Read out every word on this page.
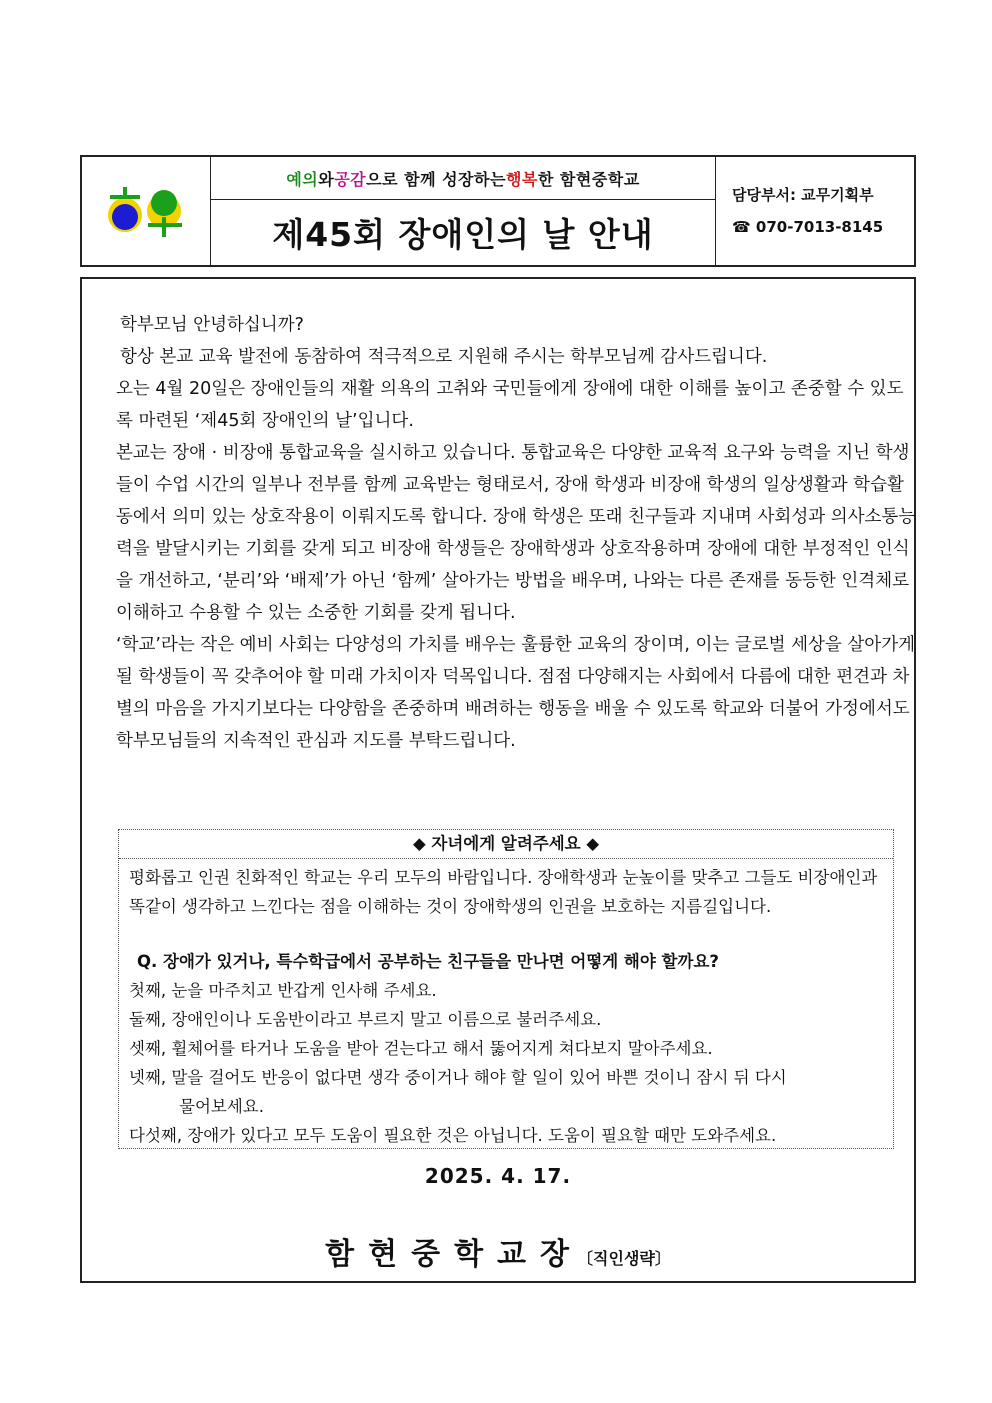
예의 와 공감 으로 함께 성장하는 행복 한 함현중학교
제45회 장애인의 날 안내
담당부서: 교무기획부
☎ 070-7013-8145

학부모님 안녕하십니까?

항상 본교 교육 발전에 동참하여 적극적으로 지원해 주시는 학부모님께 감사드립니다.

오는 4월 20일은 장애인들의 재활 의욕의 고취와 국민들에게 장애에 대한 이해를 높이고 존중할 수 있도록 마련된 ‘제45회 장애인의 날’입니다.

본교는 장애 · 비장애 통합교육을 실시하고 있습니다. 통합교육은 다양한 교육적 요구와 능력을 지닌 학생들이 수업 시간의 일부나 전부를 함께 교육받는 형태로서, 장애 학생과 비장애 학생의 일상생활과 학습활동에서 의미 있는 상호작용이 이뤄지도록 합니다. 장애 학생은 또래 친구들과 지내며 사회성과 의사소통능력을 발달시키는 기회를 갖게 되고 비장애 학생들은 장애학생과 상호작용하며 장애에 대한 부정적인 인식을 개선하고, ‘분리’와 ‘배제’가 아닌 ‘함께’ 살아가는 방법을 배우며, 나와는 다른 존재를 동등한 인격체로 이해하고 수용할 수 있는 소중한 기회를 갖게 됩니다.

‘학교’라는 작은 예비 사회는 다양성의 가치를 배우는 훌륭한 교육의 장이며, 이는 글로벌 세상을 살아가게 될 학생들이 꼭 갖추어야 할 미래 가치이자 덕목입니다. 점점 다양해지는 사회에서 다름에 대한 편견과 차별의 마음을 가지기보다는 다양함을 존중하며 배려하는 행동을 배울 수 있도록 학교와 더불어 가정에서도 학부모님들의 지속적인 관심과 지도를 부탁드립니다.

◆ 자녀에게 알려주세요 ◆

평화롭고 인권 친화적인 학교는 우리 모두의 바람입니다. 장애학생과 눈높이를 맞추고 그들도 비장애인과 똑같이 생각하고 느낀다는 점을 이해하는 것이 장애학생의 인권을 보호하는 지름길입니다.

Q. 장애가 있거나, 특수학급에서 공부하는 친구들을 만나면 어떻게 해야 할까요?

첫째, 눈을 마주치고 반갑게 인사해 주세요.

둘째, 장애인이나 도움반이라고 부르지 말고 이름으로 불러주세요.

셋째, 휠체어를 타거나 도움을 받아 걷는다고 해서 뚫어지게 쳐다보지 말아주세요.

넷째, 말을 걸어도 반응이 없다면 생각 중이거나 해야 할 일이 있어 바쁜 것이니 잠시 뒤 다시

물어보세요.

다섯째, 장애가 있다고 모두 도움이 필요한 것은 아닙니다. 도움이 필요할 때만 도와주세요.

2025. 4. 17.
함현중학교장〔직인생략〕
